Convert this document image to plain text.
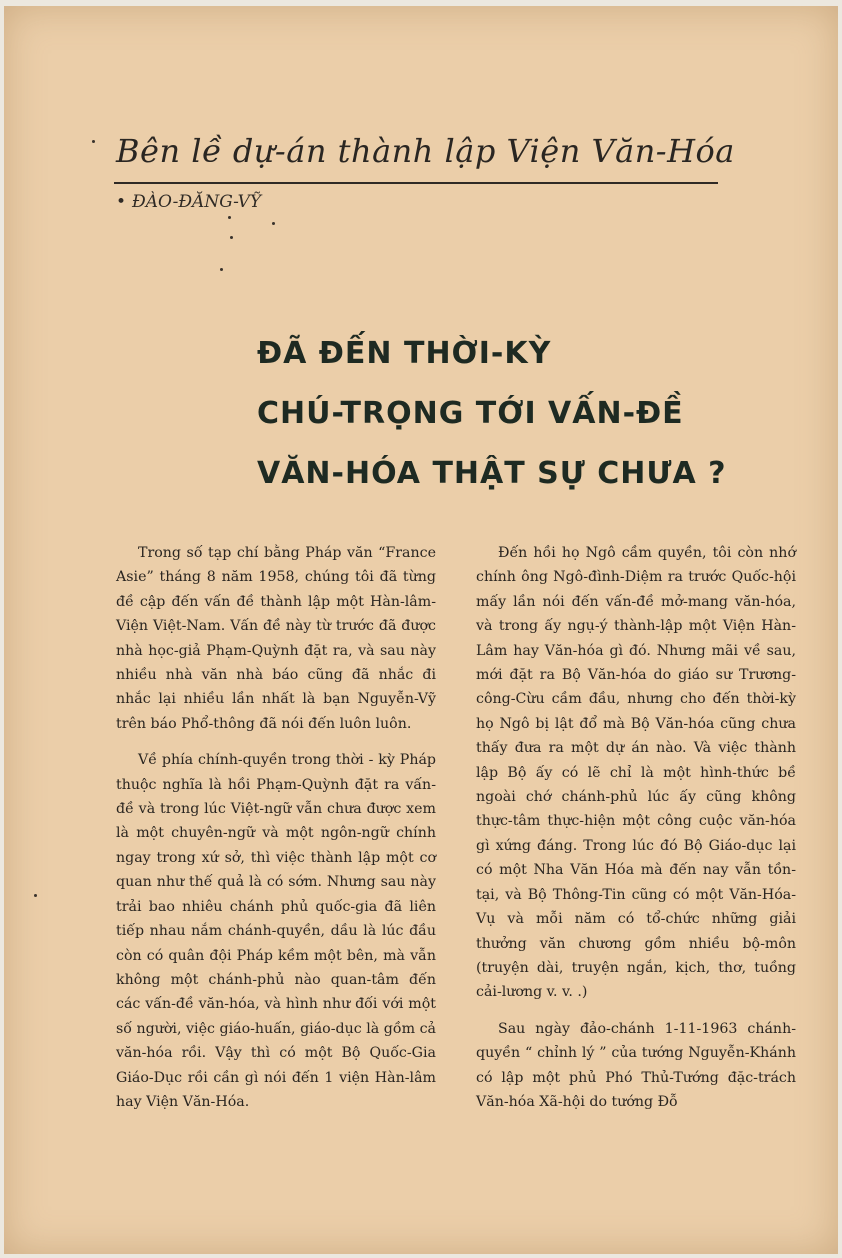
Bên lề dự-án thành lập Viện Văn-Hóa
• ĐÀO-ĐĂNG-VỸ
ĐÃ ĐẾN THỜI-KỲ
CHÚ-TRỌNG TỚI VẤN-ĐỀ
VĂN-HÓA THẬT SỰ CHƯA ?

Trong số tạp chí bằng Pháp văn “France Asie” tháng 8 năm 1958, chúng tôi đã từng đề cập đến vấn đề thành lập một Hàn-lâm-Viện Việt-Nam. Vấn đề này từ trước đã được nhà học-giả Phạm-Quỳnh đặt ra, và sau này nhiều nhà văn nhà báo cũng đã nhắc đi nhắc lại nhiều lần nhất là bạn Nguyễn-Vỹ trên báo Phổ-thông đã nói đến luôn luôn.

Về phía chính-quyền trong thời - kỳ Pháp thuộc nghĩa là hồi Phạm-Quỳnh đặt ra vấn-đề và trong lúc Việt-ngữ vẫn chưa được xem là một chuyên-ngữ và một ngôn-ngữ chính ngay trong xứ sở, thì việc thành lập một cơ quan như thế quả là có sớm. Nhưng sau này trải bao nhiêu chánh phủ quốc-gia đã liên tiếp nhau nắm chánh-quyền, dầu là lúc đầu còn có quân đội Pháp kềm một bên, mà vẫn không một chánh-phủ nào quan-tâm đến các vấn-đề văn-hóa, và hình như đối với một số người, việc giáo-huấn, giáo-dục là gồm cả văn-hóa rồi. Vậy thì có một Bộ Quốc-Gia Giáo-Dục rồi cần gì nói đến 1 viện Hàn-lâm hay Viện Văn-Hóa.

Đến hồi họ Ngô cầm quyền, tôi còn nhớ chính ông Ngô-đình-Diệm ra trước Quốc-hội mấy lần nói đến vấn-đề mở-mang văn-hóa, và trong ấy ngụ-ý thành-lập một Viện Hàn-Lâm hay Văn-hóa gì đó. Nhưng mãi về sau, mới đặt ra Bộ Văn-hóa do giáo sư Trương-công-Cừu cầm đầu, nhưng cho đến thời-kỳ họ Ngô bị lật đổ mà Bộ Văn-hóa cũng chưa thấy đưa ra một dự án nào. Và việc thành lập Bộ ấy có lẽ chỉ là một hình-thức bề ngoài chớ chánh-phủ lúc ấy cũng không thực-tâm thực-hiện một công cuộc văn-hóa gì xứng đáng. Trong lúc đó Bộ Giáo-dục lại có một Nha Văn Hóa mà đến nay vẫn tồn-tại, và Bộ Thông-Tin cũng có một Văn-Hóa-Vụ và mỗi năm có tổ-chức những giải thưởng văn chương gồm nhiều bộ-môn (truyện dài, truyện ngắn, kịch, thơ, tuồng cải-lương v. v. .)

Sau ngày đảo-chánh 1-11-1963 chánh-quyền “ chỉnh lý ” của tướng Nguyễn-Khánh có lập một phủ Phó Thủ-Tướng đặc-trách Văn-hóa Xã-hội do tướng Đỗ
